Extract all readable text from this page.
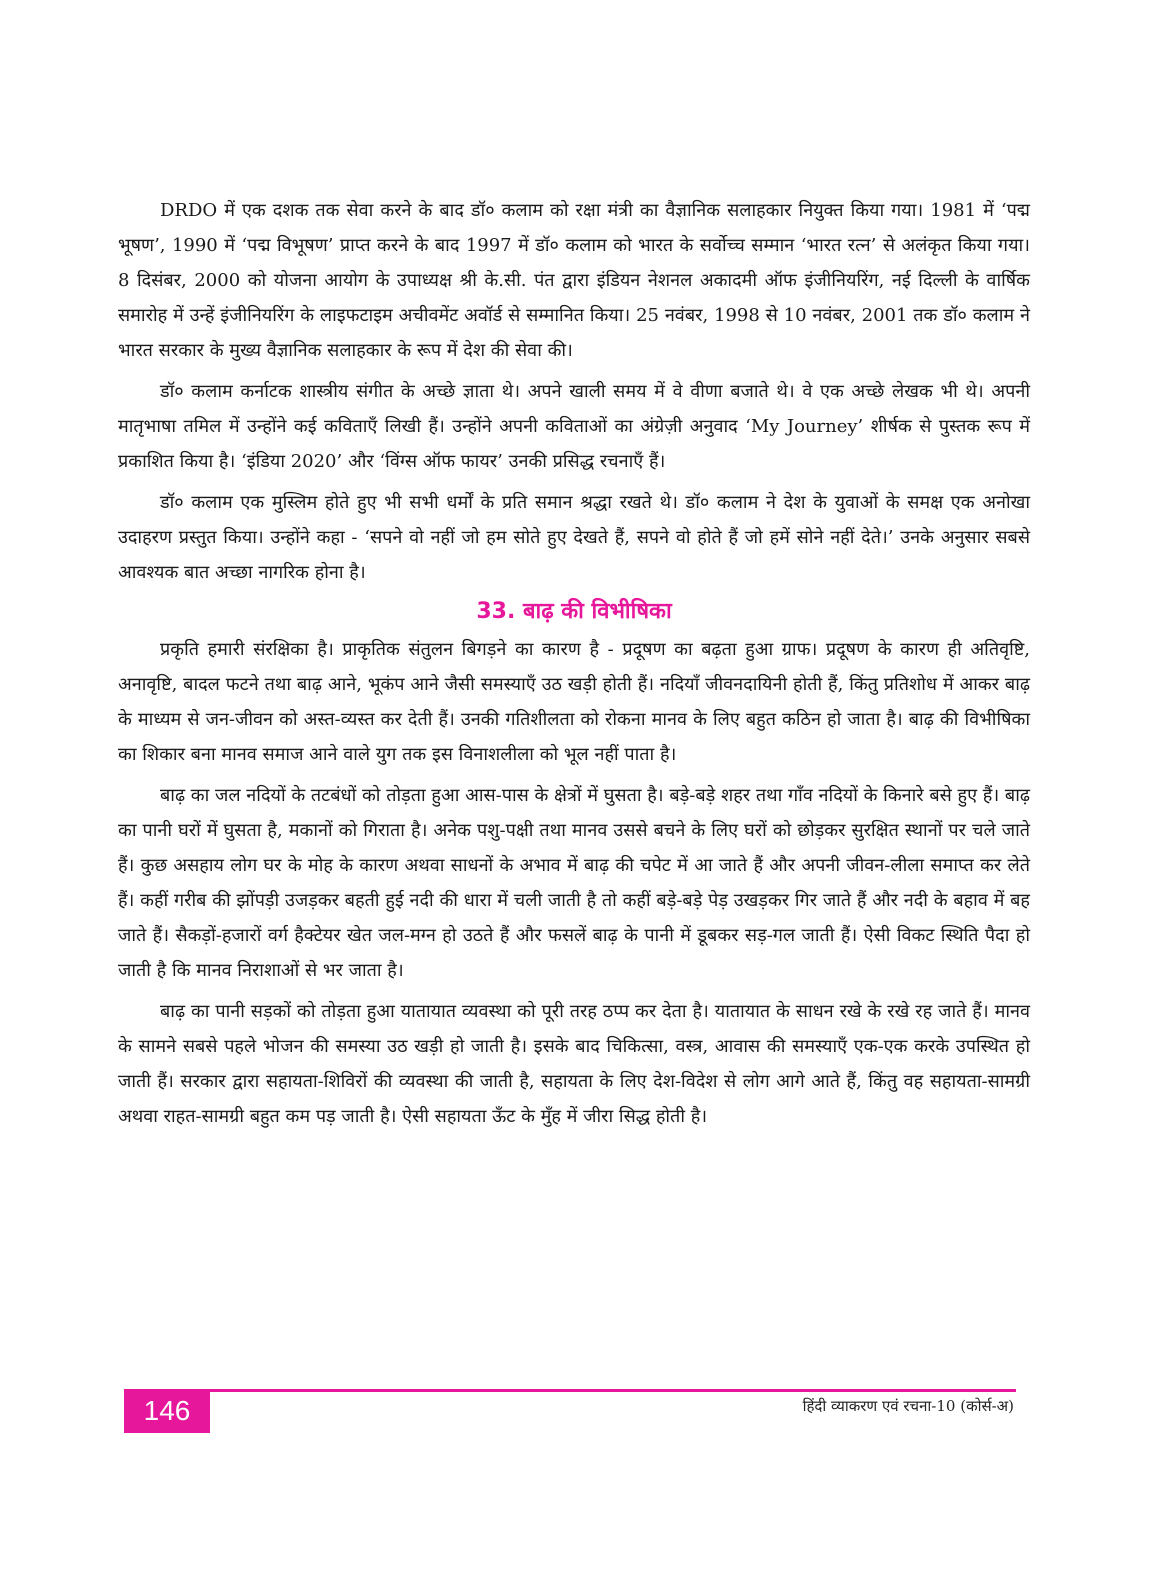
DRDO में एक दशक तक सेवा करने के बाद डॉ० कलाम को रक्षा मंत्री का वैज्ञानिक सलाहकार नियुक्त किया गया। 1981 में ‘पद्म भूषण’, 1990 में ‘पद्म विभूषण’ प्राप्त करने के बाद 1997 में डॉ० कलाम को भारत के सर्वोच्च सम्मान ‘भारत रत्न’ से अलंकृत किया गया। 8 दिसंबर, 2000 को योजना आयोग के उपाध्यक्ष श्री के.सी. पंत द्वारा इंडियन नेशनल अकादमी ऑफ इंजीनियरिंग, नई दिल्ली के वार्षिक समारोह में उन्हें इंजीनियरिंग के लाइफटाइम अचीवमेंट अवॉर्ड से सम्मानित किया। 25 नवंबर, 1998 से 10 नवंबर, 2001 तक डॉ० कलाम ने भारत सरकार के मुख्य वैज्ञानिक सलाहकार के रूप में देश की सेवा की।

डॉ० कलाम कर्नाटक शास्त्रीय संगीत के अच्छे ज्ञाता थे। अपने खाली समय में वे वीणा बजाते थे। वे एक अच्छे लेखक भी थे। अपनी मातृभाषा तमिल में उन्होंने कई कविताएँ लिखी हैं। उन्होंने अपनी कविताओं का अंग्रेज़ी अनुवाद ‘My Journey’ शीर्षक से पुस्तक रूप में प्रकाशित किया है। ‘इंडिया 2020’ और ‘विंग्स ऑफ फायर’ उनकी प्रसिद्ध रचनाएँ हैं।

डॉ० कलाम एक मुस्लिम होते हुए भी सभी धर्मों के प्रति समान श्रद्धा रखते थे। डॉ० कलाम ने देश के युवाओं के समक्ष एक अनोखा उदाहरण प्रस्तुत किया। उन्होंने कहा - ‘सपने वो नहीं जो हम सोते हुए देखते हैं, सपने वो होते हैं जो हमें सोने नहीं देते।’ उनके अनुसार सबसे आवश्यक बात अच्छा नागरिक होना है।

33. बाढ़ की विभीषिका

प्रकृति हमारी संरक्षिका है। प्राकृतिक संतुलन बिगड़ने का कारण है - प्रदूषण का बढ़ता हुआ ग्राफ। प्रदूषण के कारण ही अतिवृष्टि, अनावृष्टि, बादल फटने तथा बाढ़ आने, भूकंप आने जैसी समस्याएँ उठ खड़ी होती हैं। नदियाँ जीवनदायिनी होती हैं, किंतु प्रतिशोध में आकर बाढ़ के माध्यम से जन-जीवन को अस्त-व्यस्त कर देती हैं। उनकी गतिशीलता को रोकना मानव के लिए बहुत कठिन हो जाता है। बाढ़ की विभीषिका का शिकार बना मानव समाज आने वाले युग तक इस विनाशलीला को भूल नहीं पाता है।

बाढ़ का जल नदियों के तटबंधों को तोड़ता हुआ आस-पास के क्षेत्रों में घुसता है। बड़े-बड़े शहर तथा गाँव नदियों के किनारे बसे हुए हैं। बाढ़ का पानी घरों में घुसता है, मकानों को गिराता है। अनेक पशु-पक्षी तथा मानव उससे बचने के लिए घरों को छोड़कर सुरक्षित स्थानों पर चले जाते हैं। कुछ असहाय लोग घर के मोह के कारण अथवा साधनों के अभाव में बाढ़ की चपेट में आ जाते हैं और अपनी जीवन-लीला समाप्त कर लेते हैं। कहीं गरीब की झोंपड़ी उजड़कर बहती हुई नदी की धारा में चली जाती है तो कहीं बड़े-बड़े पेड़ उखड़कर गिर जाते हैं और नदी के बहाव में बह जाते हैं। सैकड़ों-हजारों वर्ग हैक्टेयर खेत जल-मग्न हो उठते हैं और फसलें बाढ़ के पानी में डूबकर सड़-गल जाती हैं। ऐसी विकट स्थिति पैदा हो जाती है कि मानव निराशाओं से भर जाता है।

बाढ़ का पानी सड़कों को तोड़ता हुआ यातायात व्यवस्था को पूरी तरह ठप्प कर देता है। यातायात के साधन रखे के रखे रह जाते हैं। मानव के सामने सबसे पहले भोजन की समस्या उठ खड़ी हो जाती है। इसके बाद चिकित्सा, वस्त्र, आवास की समस्याएँ एक-एक करके उपस्थित हो जाती हैं। सरकार द्वारा सहायता-शिविरों की व्यवस्था की जाती है, सहायता के लिए देश-विदेश से लोग आगे आते हैं, किंतु वह सहायता-सामग्री अथवा राहत-सामग्री बहुत कम पड़ जाती है। ऐसी सहायता ऊँट के मुँह में जीरा सिद्ध होती है।

146	हिंदी व्याकरण एवं रचना-10 (कोर्स-अ)
